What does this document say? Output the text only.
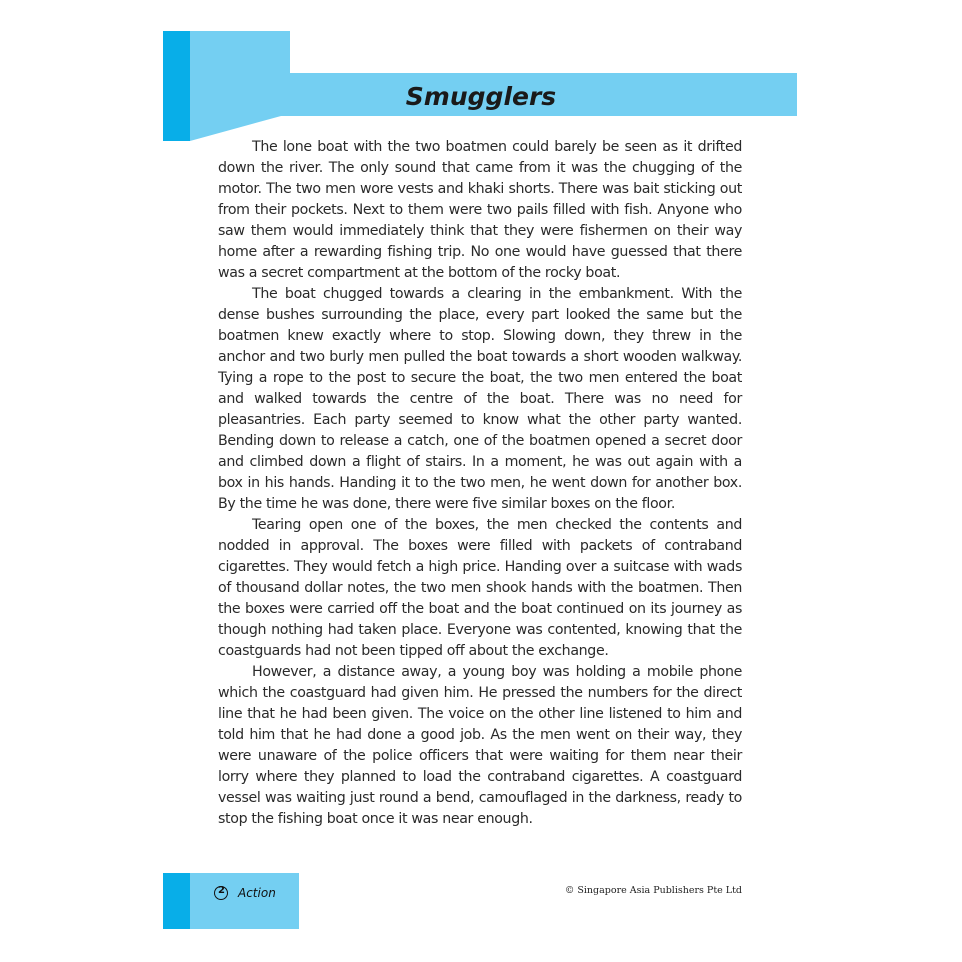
Smugglers

The lone boat with the two boatmen could barely be seen as it drifted down the river. The only sound that came from it was the chugging of the motor. The two men wore vests and khaki shorts. There was bait sticking out from their pockets. Next to them were two pails filled with fish. Anyone who saw them would immediately think that they were fishermen on their way home after a rewarding fishing trip. No one would have guessed that there was a secret compartment at the bottom of the rocky boat.

The boat chugged towards a clearing in the embankment. With the dense bushes surrounding the place, every part looked the same but the boatmen knew exactly where to stop. Slowing down, they threw in the anchor and two burly men pulled the boat towards a short wooden walkway. Tying a rope to the post to secure the boat, the two men entered the boat and walked towards the centre of the boat. There was no need for pleasantries. Each party seemed to know what the other party wanted. Bending down to release a catch, one of the boatmen opened a secret door and climbed down a flight of stairs. In a moment, he was out again with a box in his hands. Handing it to the two men, he went down for another box. By the time he was done, there were five similar boxes on the floor.

Tearing open one of the boxes, the men checked the contents and nodded in approval. The boxes were filled with packets of contraband cigarettes. They would fetch a high price. Handing over a suitcase with wads of thousand dollar notes, the two men shook hands with the boatmen. Then the boxes were carried off the boat and the boat continued on its journey as though nothing had taken place. Everyone was contented, knowing that the coastguards had not been tipped off about the exchange.

However, a distance away, a young boy was holding a mobile phone which the coastguard had given him. He pressed the numbers for the direct line that he had been given. The voice on the other line listened to him and told him that he had done a good job. As the men went on their way, they were unaware of the police officers that were waiting for them near their lorry where they planned to load the contraband cigarettes. A coastguard vessel was waiting just round a bend, camouflaged in the darkness, ready to stop the fishing boat once it was near enough.

2 Action	© Singapore Asia Publishers Pte Ltd
